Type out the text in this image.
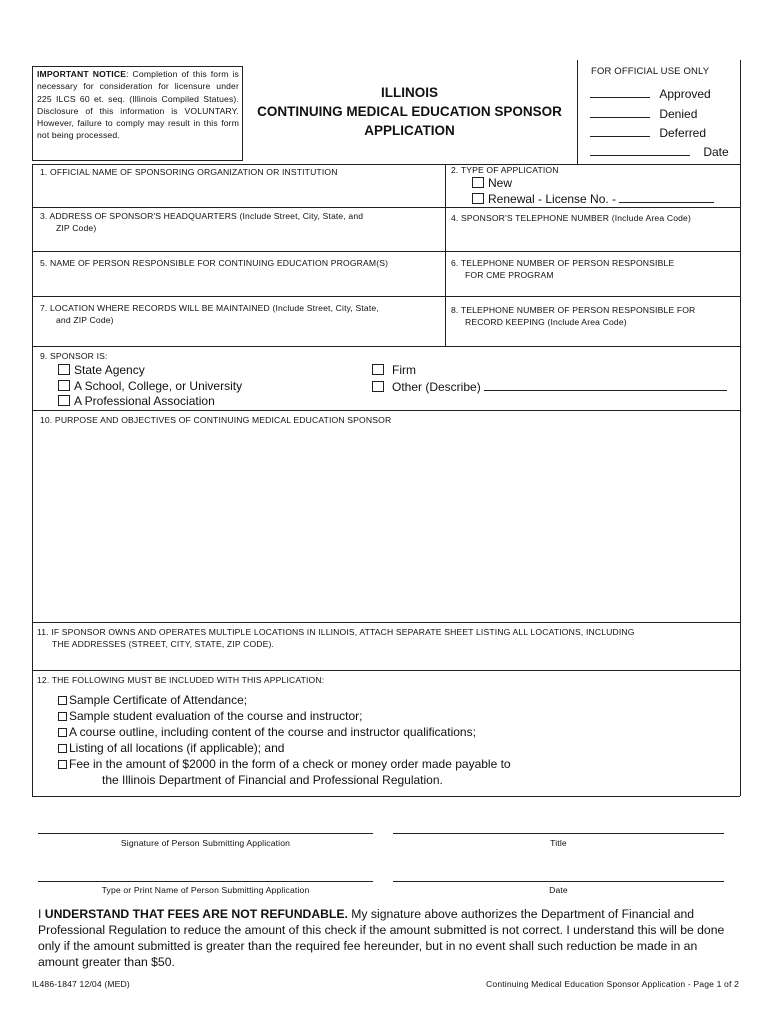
IMPORTANT NOTICE: Completion of this form is necessary for consideration for licensure under 225 ILCS 60 et. seq. (Illinois Compiled Statues). Disclosure of this information is VOLUNTARY. However, failure to comply may result in this form not being processed.
ILLINOIS
CONTINUING MEDICAL EDUCATION SPONSOR
APPLICATION
FOR OFFICIAL USE ONLY
Approved
Denied
Deferred
Date
1. OFFICIAL NAME OF SPONSORING ORGANIZATION OR INSTITUTION	2. TYPE OF APPLICATION
New
Renewal - License No. -
3. ADDRESS OF SPONSOR'S HEADQUARTERS (Include Street, City, State, and
ZIP Code)
4. SPONSOR'S TELEPHONE NUMBER (Include Area Code)
5. NAME OF PERSON RESPONSIBLE FOR CONTINUING EDUCATION PROGRAM(S)	6. TELEPHONE NUMBER OF PERSON RESPONSIBLE
FOR CME PROGRAM
7. LOCATION WHERE RECORDS WILL BE MAINTAINED (Include Street, City, State,
and ZIP Code)
8. TELEPHONE NUMBER OF PERSON RESPONSIBLE FOR
RECORD KEEPING (Include Area Code)
9. SPONSOR IS:
State Agency
A School, College, or University
A Professional Association
Firm
Other (Describe)
10. PURPOSE AND OBJECTIVES OF CONTINUING MEDICAL EDUCATION SPONSOR
11. IF SPONSOR OWNS AND OPERATES MULTIPLE LOCATIONS IN ILLINOIS, ATTACH SEPARATE SHEET LISTING ALL LOCATIONS, INCLUDING
THE ADDRESSES (STREET, CITY, STATE, ZIP CODE).
12. THE FOLLOWING MUST BE INCLUDED WITH THIS APPLICATION:
Sample Certificate of Attendance;
Sample student evaluation of the course and instructor;
A course outline, including content of the course and instructor qualifications;
Listing of all locations (if applicable); and
Fee in the amount of $2000 in the form of a check or money order made payable to
the Illinois Department of Financial and Professional Regulation.
Signature of Person Submitting Application	Title
Type or Print Name of Person Submitting Application	Date
I UNDERSTAND THAT FEES ARE NOT REFUNDABLE. My signature above authorizes the Department of Financial and Professional Regulation to reduce the amount of this check if the amount submitted is not correct. I understand this will be done only if the amount submitted is greater than the required fee hereunder, but in no event shall such reduction be made in an amount greater than $50.
IL486-1847 12/04 (MED)	Continuing Medical Education Sponsor Application - Page 1 of 2
